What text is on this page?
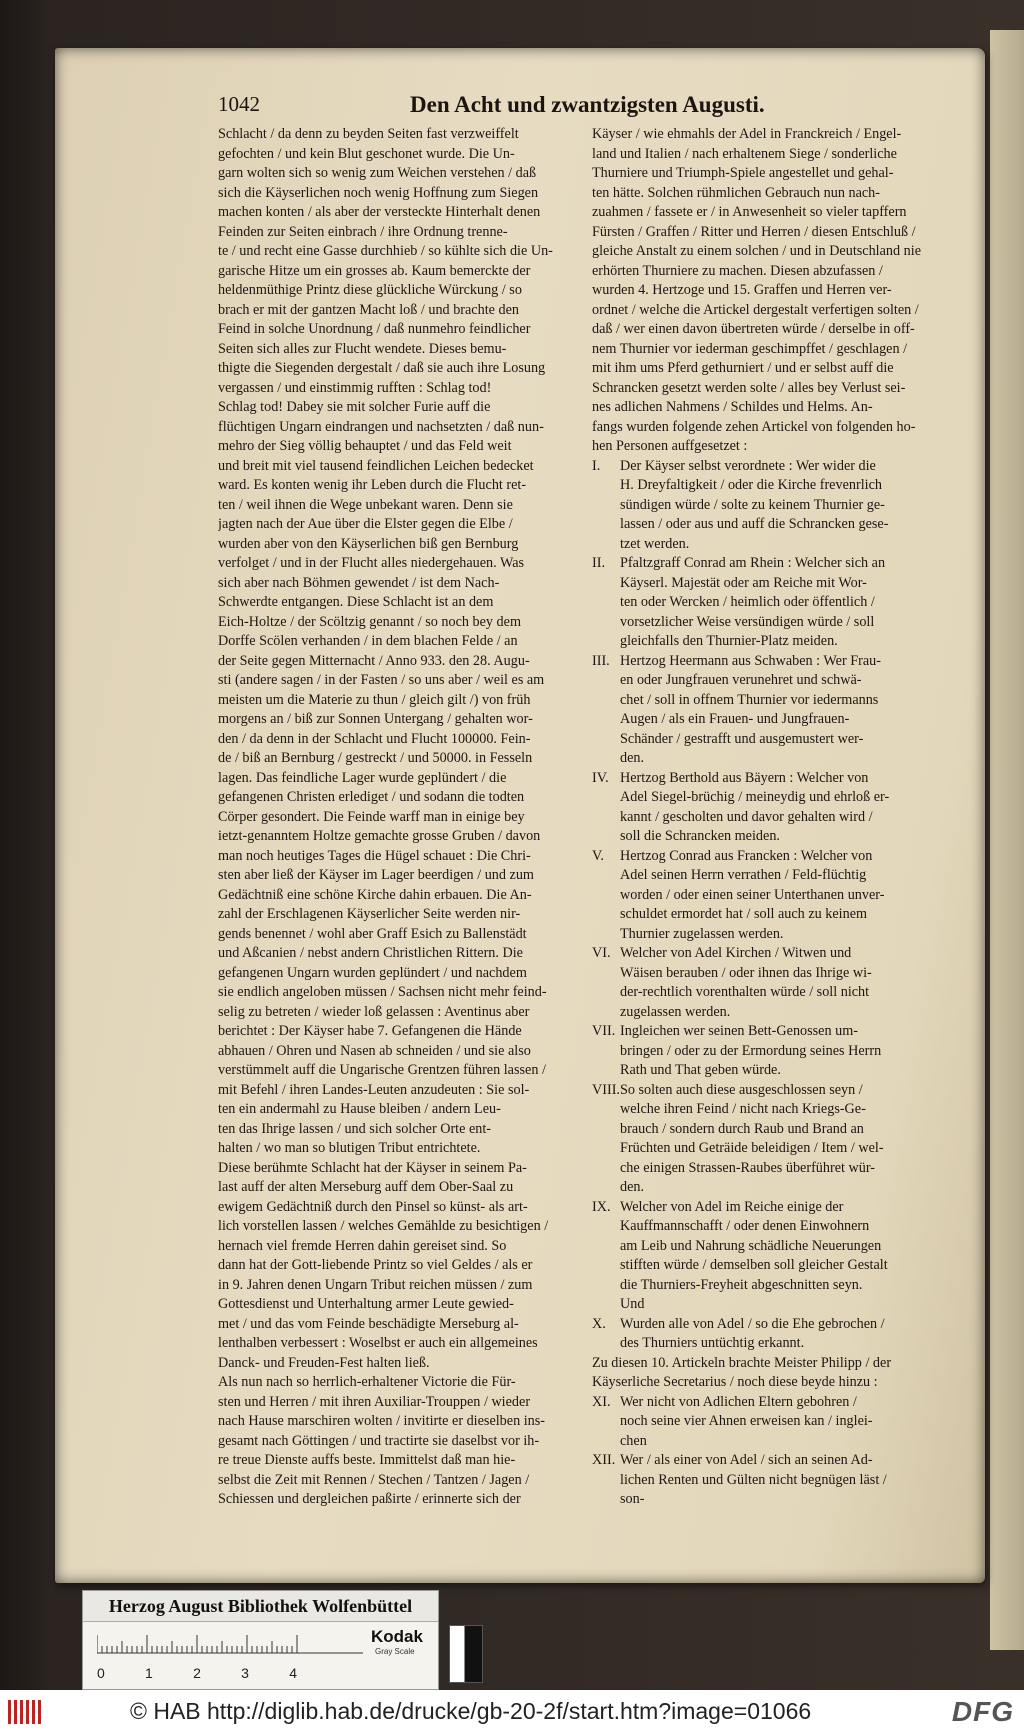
1042	Den Acht und zwantzigsten Augusti.
Schlacht / da denn zu beyden Seiten fast verzweiffelt
gefochten / und kein Blut geschonet wurde. Die Un-
garn wolten sich so wenig zum Weichen verstehen / daß
sich die Käyserlichen noch wenig Hoffnung zum Siegen
machen konten / als aber der versteckte Hinterhalt denen
Feinden zur Seiten einbrach / ihre Ordnung trenne-
te / und recht eine Gasse durchhieb / so kühlte sich die Un-
garische Hitze um ein grosses ab. Kaum bemerckte der
heldenmüthige Printz diese glückliche Würckung / so
brach er mit der gantzen Macht loß / und brachte den
Feind in solche Unordnung / daß nunmehro feindlicher
Seiten sich alles zur Flucht wendete. Dieses bemu-
thigte die Siegenden dergestalt / daß sie auch ihre Losung
vergassen / und einstimmig rufften : Schlag tod!
Schlag tod! Dabey sie mit solcher Furie auff die
flüchtigen Ungarn eindrangen und nachsetzten / daß nun-
mehro der Sieg völlig behauptet / und das Feld weit
und breit mit viel tausend feindlichen Leichen bedecket
ward. Es konten wenig ihr Leben durch die Flucht ret-
ten / weil ihnen die Wege unbekant waren. Denn sie
jagten nach der Aue über die Elster gegen die Elbe /
wurden aber von den Käyserlichen biß gen Bernburg
verfolget / und in der Flucht alles niedergehauen. Was
sich aber nach Böhmen gewendet / ist dem Nach-
Schwerdte entgangen. Diese Schlacht ist an dem
Eich-Holtze / der Scöltzig genannt / so noch bey dem
Dorffe Scölen verhanden / in dem blachen Felde / an
der Seite gegen Mitternacht / Anno 933. den 28. Augu-
sti (andere sagen / in der Fasten / so uns aber / weil es am
meisten um die Materie zu thun / gleich gilt /) von früh
morgens an / biß zur Sonnen Untergang / gehalten wor-
den / da denn in der Schlacht und Flucht 100000. Fein-
de / biß an Bernburg / gestreckt / und 50000. in Fesseln
lagen. Das feindliche Lager wurde geplündert / die
gefangenen Christen erlediget / und sodann die todten
Cörper gesondert. Die Feinde warff man in einige bey
ietzt-genanntem Holtze gemachte grosse Gruben / davon
man noch heutiges Tages die Hügel schauet : Die Chri-
sten aber ließ der Käyser im Lager beerdigen / und zum
Gedächtniß eine schöne Kirche dahin erbauen. Die An-
zahl der Erschlagenen Käyserlicher Seite werden nir-
gends benennet / wohl aber Graff Esich zu Ballenstädt
und Aßcanien / nebst andern Christlichen Rittern. Die
gefangenen Ungarn wurden geplündert / und nachdem
sie endlich angeloben müssen / Sachsen nicht mehr feind-
selig zu betreten / wieder loß gelassen : Aventinus aber
berichtet : Der Käyser habe 7. Gefangenen die Hände
abhauen / Ohren und Nasen ab schneiden / und sie also
verstümmelt auff die Ungarische Grentzen führen lassen /
mit Befehl / ihren Landes-Leuten anzudeuten : Sie sol-
ten ein andermahl zu Hause bleiben / andern Leu-
ten das Ihrige lassen / und sich solcher Orte ent-
halten / wo man so blutigen Tribut entrichtete.
Diese berühmte Schlacht hat der Käyser in seinem Pa-
last auff der alten Merseburg auff dem Ober-Saal zu
ewigem Gedächtniß durch den Pinsel so künst- als art-
lich vorstellen lassen / welches Gemählde zu besichtigen /
hernach viel fremde Herren dahin gereiset sind. So
dann hat der Gott-liebende Printz so viel Geldes / als er
in 9. Jahren denen Ungarn Tribut reichen müssen / zum
Gottesdienst und Unterhaltung armer Leute gewied-
met / und das vom Feinde beschädigte Merseburg al-
lenthalben verbessert : Woselbst er auch ein allgemeines
Danck- und Freuden-Fest halten ließ.
Als nun nach so herrlich-erhaltener Victorie die Für-
sten und Herren / mit ihren Auxiliar-Trouppen / wieder
nach Hause marschiren wolten / invitirte er dieselben ins-
gesamt nach Göttingen / und tractirte sie daselbst vor ih-
re treue Dienste auffs beste. Immittelst daß man hie-
selbst die Zeit mit Rennen / Stechen / Tantzen / Jagen /
Schiessen und dergleichen paßirte / erinnerte sich der
Käyser / wie ehmahls der Adel in Franckreich / Engel-
land und Italien / nach erhaltenem Siege / sonderliche
Thurniere und Triumph-Spiele angestellet und gehal-
ten hätte. Solchen rühmlichen Gebrauch nun nach-
zuahmen / fassete er / in Anwesenheit so vieler tapffern
Fürsten / Graffen / Ritter und Herren / diesen Entschluß /
gleiche Anstalt zu einem solchen / und in Deutschland nie
erhörten Thurniere zu machen. Diesen abzufassen /
wurden 4. Hertzoge und 15. Graffen und Herren ver-
ordnet / welche die Artickel dergestalt verfertigen solten /
daß / wer einen davon übertreten würde / derselbe in off-
nem Thurnier vor iederman geschimpffet / geschlagen /
mit ihm ums Pferd gethurniert / und er selbst auff die
Schrancken gesetzt werden solte / alles bey Verlust sei-
nes adlichen Nahmens / Schildes und Helms. An-
fangs wurden folgende zehen Artickel von folgenden ho-
hen Personen auffgesetzet :
I.	Der Käyser selbst verordnete : Wer wider die
H. Dreyfaltigkeit / oder die Kirche frevenrlich
sündigen würde / solte zu keinem Thurnier ge-
lassen / oder aus und auff die Schrancken gese-
tzet werden.
II.	Pfaltzgraff Conrad am Rhein : Welcher sich an
Käyserl. Majestät oder am Reiche mit Wor-
ten oder Wercken / heimlich oder öffentlich /
vorsetzlicher Weise versündigen würde / soll
gleichfalls den Thurnier-Platz meiden.
III. Hertzog Heermann aus Schwaben : Wer Frau-
en oder Jungfrauen verunehret und schwä-
chet / soll in offnem Thurnier vor iedermanns
Augen / als ein Frauen- und Jungfrauen-
Schänder / gestrafft und ausgemustert wer-
den.
IV. Hertzog Berthold aus Bäyern : Welcher von
Adel Siegel-brüchig / meineydig und ehrloß er-
kannt / gescholten und davor gehalten wird /
soll die Schrancken meiden.
V.	Hertzog Conrad aus Francken : Welcher von
Adel seinen Herrn verrathen / Feld-flüchtig
worden / oder einen seiner Unterthanen unver-
schuldet ermordet hat / soll auch zu keinem
Thurnier zugelassen werden.
VI. Welcher von Adel Kirchen / Witwen und
Wäisen berauben / oder ihnen das Ihrige wi-
der-rechtlich vorenthalten würde / soll nicht
zugelassen werden.
VII. Ingleichen wer seinen Bett-Genossen um-
bringen / oder zu der Ermordung seines Herrn
Rath und That geben würde.
VIII. So solten auch diese ausgeschlossen seyn /
welche ihren Feind / nicht nach Kriegs-Ge-
brauch / sondern durch Raub und Brand an
Früchten und Geträide beleidigen / Item / wel-
che einigen Strassen-Raubes überführet wür-
den.
IX. Welcher von Adel im Reiche einige der
Kauffmannschafft / oder denen Einwohnern
am Leib und Nahrung schädliche Neuerungen
stifften würde / demselben soll gleicher Gestalt
die Thurniers-Freyheit abgeschnitten seyn.
Und
X.	Wurden alle von Adel / so die Ehe gebrochen /
des Thurniers untüchtig erkannt.
Zu diesen 10. Artickeln brachte Meister Philipp / der
Käyserliche Secretarius / noch diese beyde hinzu :
XI. Wer nicht von Adlichen Eltern gebohren /
noch seine vier Ahnen erweisen kan / inglei-
chen
XII. Wer / als einer von Adel / sich an seinen Ad-
lichen Renten und Gülten nicht begnügen läst /
son-
Herzog August Bibliothek Wolfenbüttel
0	1	2	3	4
Kodak
Gray Scale
© HAB http://diglib.hab.de/drucke/gb-20-2f/start.htm?image=01066	DFG
